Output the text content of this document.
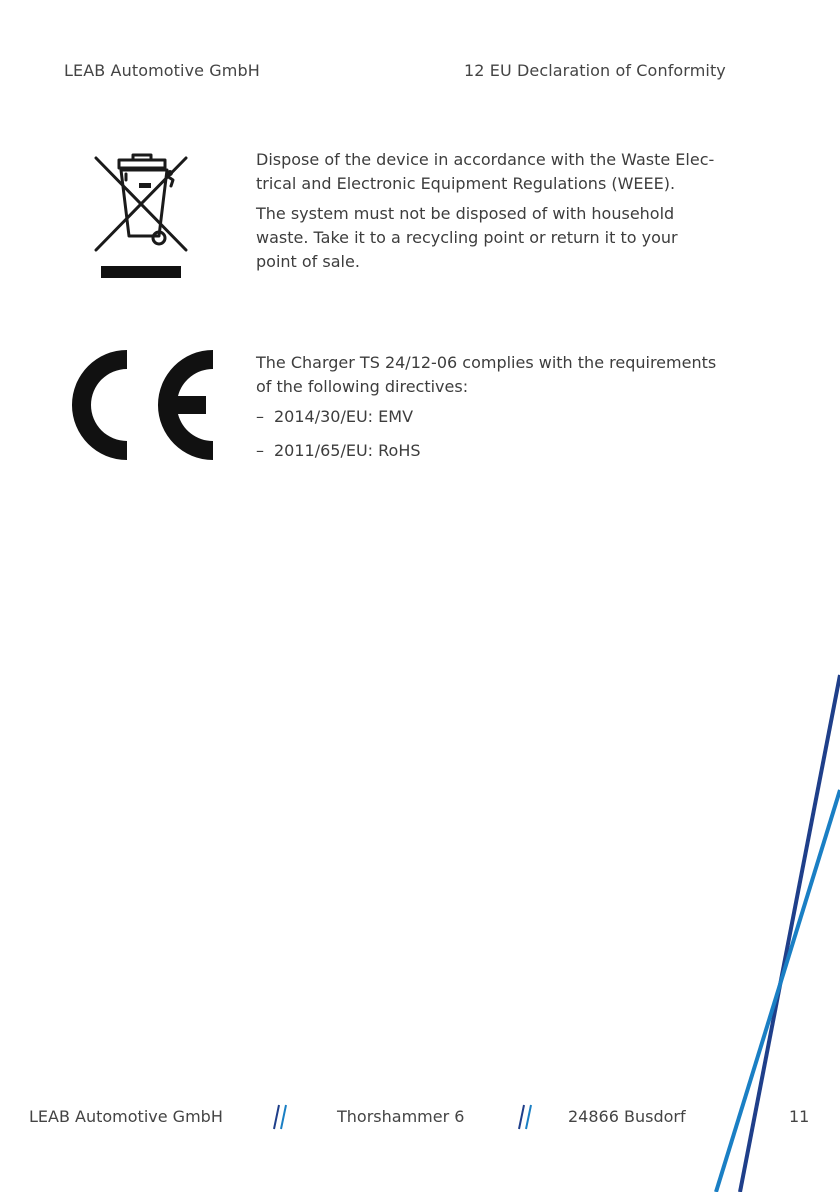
LEAB Automotive GmbH	12 EU Declaration of Conformity

Dispose of the device in accordance with the Waste Elec-trical and Electronic Equipment Regulations (WEEE).

The system must not be disposed of with household waste. Take it to a recycling point or return it to your point of sale.

The Charger TS 24/12-06 complies with the requirements of the following directives:

– 2014/30/EU: EMV
– 2011/65/EU: RoHS
LEAB Automotive GmbH	Thorshammer 6	24866 Busdorf	11
